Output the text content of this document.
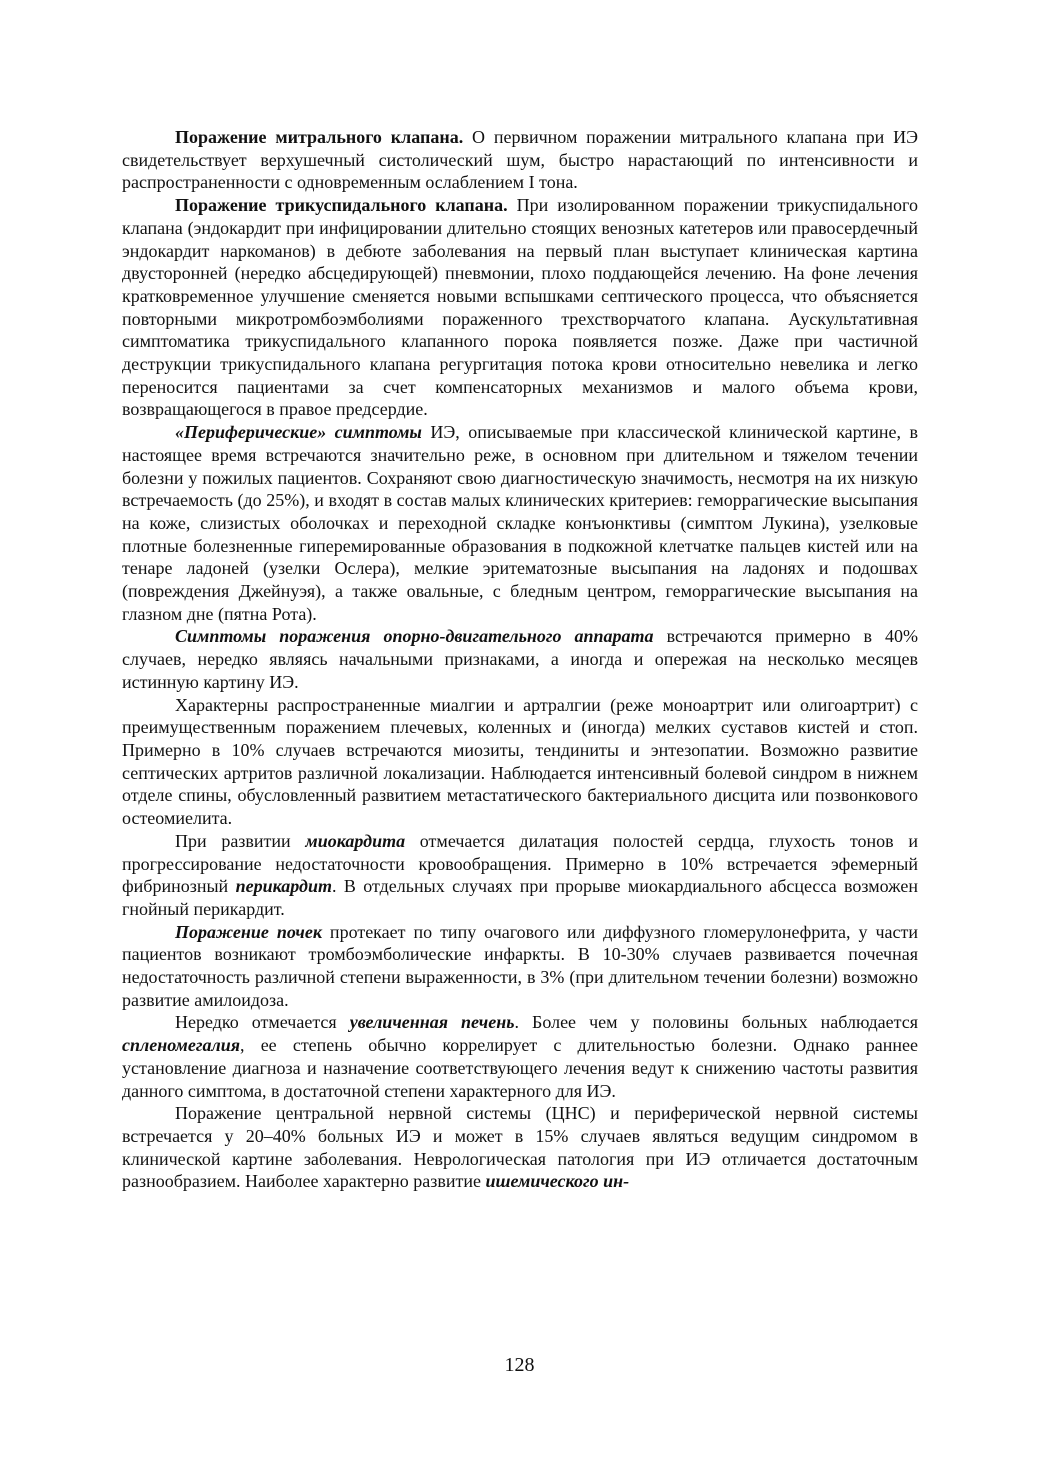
Поражение митрального клапана. О первичном поражении митрального клапана при ИЭ свидетельствует верхушечный систолический шум, быстро нарастающий по интенсивности и распространенности с одновременным ослаблением I тона.

Поражение трикуспидального клапана. При изолированном поражении трикуспидального клапана (эндокардит при инфицировании длительно стоящих венозных катетеров или правосердечный эндокардит наркоманов) в дебюте заболевания на первый план выступает клиническая картина двусторонней (нередко абсцедирующей) пневмонии, плохо поддающейся лечению. На фоне лечения кратковременное улучшение сменяется новыми вспышками септического процесса, что объясняется повторными микротромбоэмболиями пораженного трехстворчатого клапана. Аускультативная симптоматика трикуспидального клапанного порока появляется позже. Даже при частичной деструкции трикуспидального клапана регургитация потока крови относительно невелика и легко переносится пациентами за счет компенсаторных механизмов и малого объема крови, возвращающегося в правое предсердие.

«Периферические» симптомы ИЭ, описываемые при классической клинической картине, в настоящее время встречаются значительно реже, в основном при длительном и тяжелом течении болезни у пожилых пациентов. Сохраняют свою диагностическую значимость, несмотря на их низкую встречаемость (до 25%), и входят в состав малых клинических критериев: геморрагические высыпания на коже, слизистых оболочках и переходной складке конъюнктивы (симптом Лукина), узелковые плотные болезненные гиперемированные образования в подкожной клетчатке пальцев кистей или на тенаре ладоней (узелки Ослера), мелкие эритематозные высыпания на ладонях и подошвах (повреждения Джейнуэя), а также овальные, с бледным центром, геморрагические высыпания на глазном дне (пятна Рота).

Симптомы поражения опорно-двигательного аппарата встречаются примерно в 40% случаев, нередко являясь начальными признаками, а иногда и опережая на несколько месяцев истинную картину ИЭ.

Характерны распространенные миалгии и артралгии (реже моноартрит или олигоартрит) с преимущественным поражением плечевых, коленных и (иногда) мелких суставов кистей и стоп. Примерно в 10% случаев встречаются миозиты, тендиниты и энтезопатии. Возможно развитие септических артритов различной локализации. Наблюдается интенсивный болевой синдром в нижнем отделе спины, обусловленный развитием метастатического бактериального дисцита или позвонкового остеомиелита.

При развитии миокардита отмечается дилатация полостей сердца, глухость тонов и прогрессирование недостаточности кровообращения. Примерно в 10% встречается эфемерный фибринозный перикардит. В отдельных случаях при прорыве миокардиального абсцесса возможен гнойный перикардит.

Поражение почек протекает по типу очагового или диффузного гломерулонефрита, у части пациентов возникают тромбоэмболические инфаркты. В 10-30% случаев развивается почечная недостаточность различной степени выраженности, в 3% (при длительном течении болезни) возможно развитие амилоидоза.

Нередко отмечается увеличенная печень. Более чем у половины больных наблюдается спленомегалия, ее степень обычно коррелирует с длительностью болезни. Однако раннее установление диагноза и назначение соответствующего лечения ведут к снижению частоты развития данного симптома, в достаточной степени характерного для ИЭ.

Поражение центральной нервной системы (ЦНС) и периферической нервной системы встречается у 20–40% больных ИЭ и может в 15% случаев являться ведущим синдромом в клинической картине заболевания. Неврологическая патология при ИЭ отличается достаточным разнообразием. Наиболее характерно развитие ишемического ин-

128
